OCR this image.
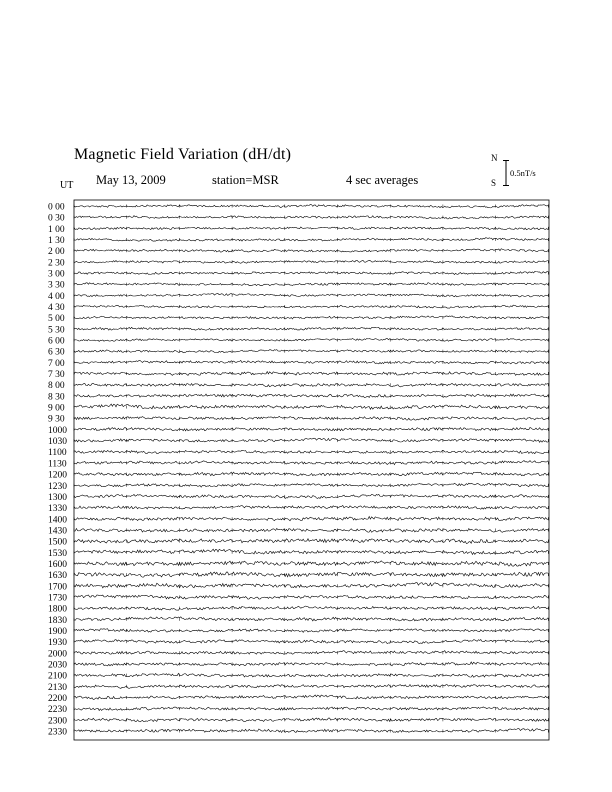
Magnetic Field Variation (dH/dt)
May 13, 2009	station=MSR	4 sec averages
UT
N
S
0.5nT/s
0 00
0 30
1 00
1 30
2 00
2 30
3 00
3 30
4 00
4 30
5 00
5 30
6 00
6 30
7 00
7 30
8 00
8 30
9 00
9 30
1000
1030
1100
1130
1200
1230
1300
1330
1400
1430
1500
1530
1600
1630
1700
1730
1800
1830
1900
1930
2000
2030
2100
2130
2200
2230
2300
2330
